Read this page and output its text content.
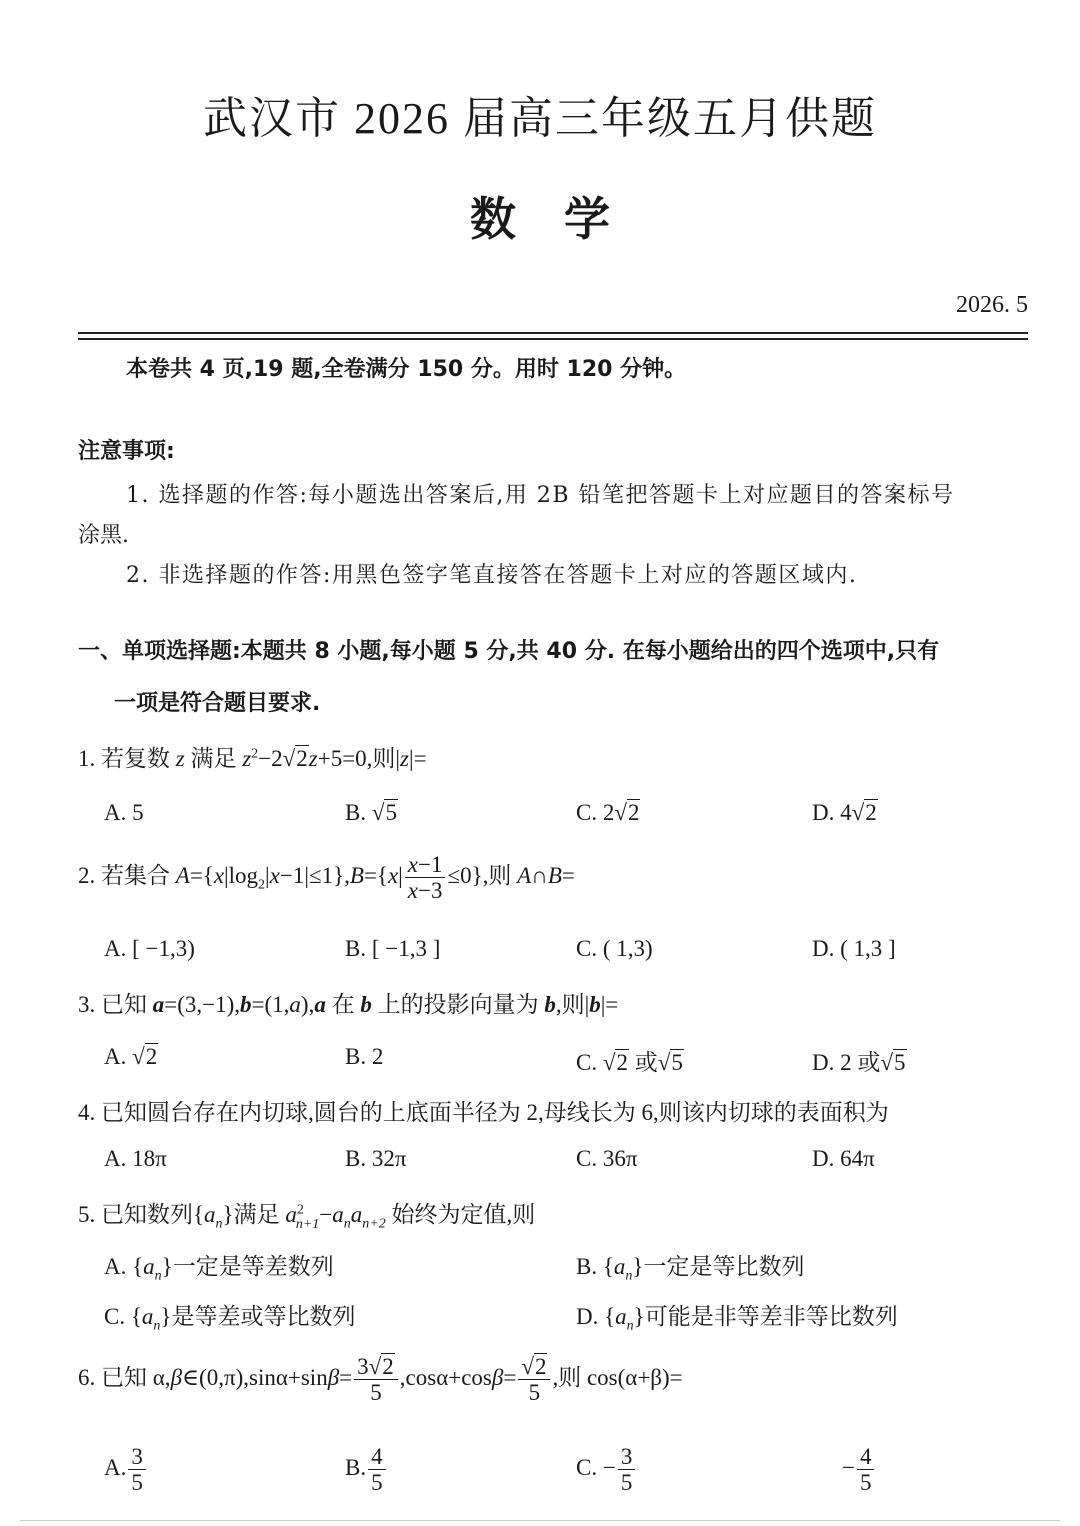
武汉市 2026 届高三年级五月供题
数学
2026. 5
本卷共 4 页,19 题,全卷满分 150 分。用时 120 分钟。
注意事项:
1. 选择题的作答:每小题选出答案后,用 2B 铅笔把答题卡上对应题目的答案标号
涂黑.
2. 非选择题的作答:用黑色签字笔直接答在答题卡上对应的答题区域内.
一、单项选择题:本题共 8 小题,每小题 5 分,共 40 分. 在每小题给出的四个选项中,只有
一项是符合题目要求.
1. 若复数 z 满足 $z^2-2√2z+5=0$,则|z|=
A. 5	B. √5	C. 2√2	D. 4√2
2. 若集合 $A=\{x|\log_2|x-1|\le 1\},B=\{x| \frac{x-1}{x-3} \le 0\}$,则 A∩B=
A. [ −1,3)	B. [ −1,3 ]	C. ( 1,3)	D. ( 1,3 ]
3. 已知 a=(3,−1),b=(1,a),a 在 b 上的投影向量为 b,则|b|=
A. √2	B. 2	C. √2 或√5	D. 2 或√5
4. 已知圆台存在内切球,圆台的上底面半径为 2,母线长为 6,则该内切球的表面积为
A. 18π	B. 32π	C. 36π	D. 64π
5. 已知数列$\{a_n\}$满足 $a^2_{n+1}-a_na_{n+2}$ 始终为定值,则
A. $\{a_n\}$一定是等差数列	B. $\{a_n\}$一定是等比数列
C. $\{a_n\}$是等差或等比数列	D. $\{a_n\}$可能是非等差非等比数列
6. 已知 α,β∈(0,π),sinα+sinβ= $\frac{3√2}{5} ,\cos\alpha+\cos\beta= \frac{√2}{5}$ ,则 cos(α+β)=
A. $\frac{3}{5}$	B. $\frac{4}{5}$	C. − $\frac{3}{5}$	− $\frac{4}{5}$
